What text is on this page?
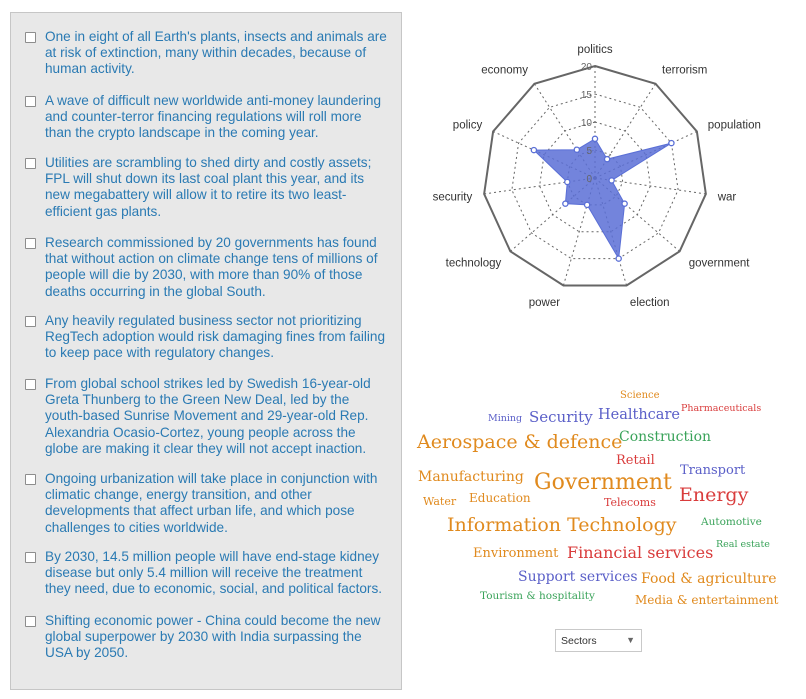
One in eight of all Earth's plants, insects and animals are at risk of extinction, many within decades, because of human activity.
A wave of difficult new worldwide anti-money laundering and counter-terror financing regulations will roll more than the crypto landscape in the coming year.
Utilities are scrambling to shed dirty and costly assets; FPL will shut down its last coal plant this year, and its new megabattery will allow it to retire its two least-efficient gas plants.
Research commissioned by 20 governments has found that without action on climate change tens of millions of people will die by 2030, with more than 90% of those deaths occurring in the global South.
Any heavily regulated business sector not prioritizing RegTech adoption would risk damaging fines from failing to keep pace with regulatory changes.
From global school strikes led by Swedish 16-year-old Greta Thunberg to the Green New Deal, led by the youth-based Sunrise Movement and 29-year-old Rep. Alexandria Ocasio-Cortez, young people across the globe are making it clear they will not accept inaction.
Ongoing urbanization will take place in conjunction with climatic change, energy transition, and other developments that affect urban life, and which pose challenges to cities worldwide.
By 2030, 14.5 million people will have end-stage kidney disease but only 5.4 million will receive the treatment they need, due to economic, social, and political factors.
Shifting economic power - China could become the new global superpower by 2030 with India surpassing the USA by 2050.
0
5
10
15
20
politics
terrorism
population
war
government
election
power
technology
security
policy
economy
Science
Mining Security Healthcare Pharmaceuticals
Aerospace & defence
Construction
Retail
Manufacturing Government Transport
Water Education	Telecoms Energy
Information Technology Automotive
Environment Financial services Real estate
Support services Food & agriculture
Tourism & hospitality	Media & entertainment
Sectors	▼
